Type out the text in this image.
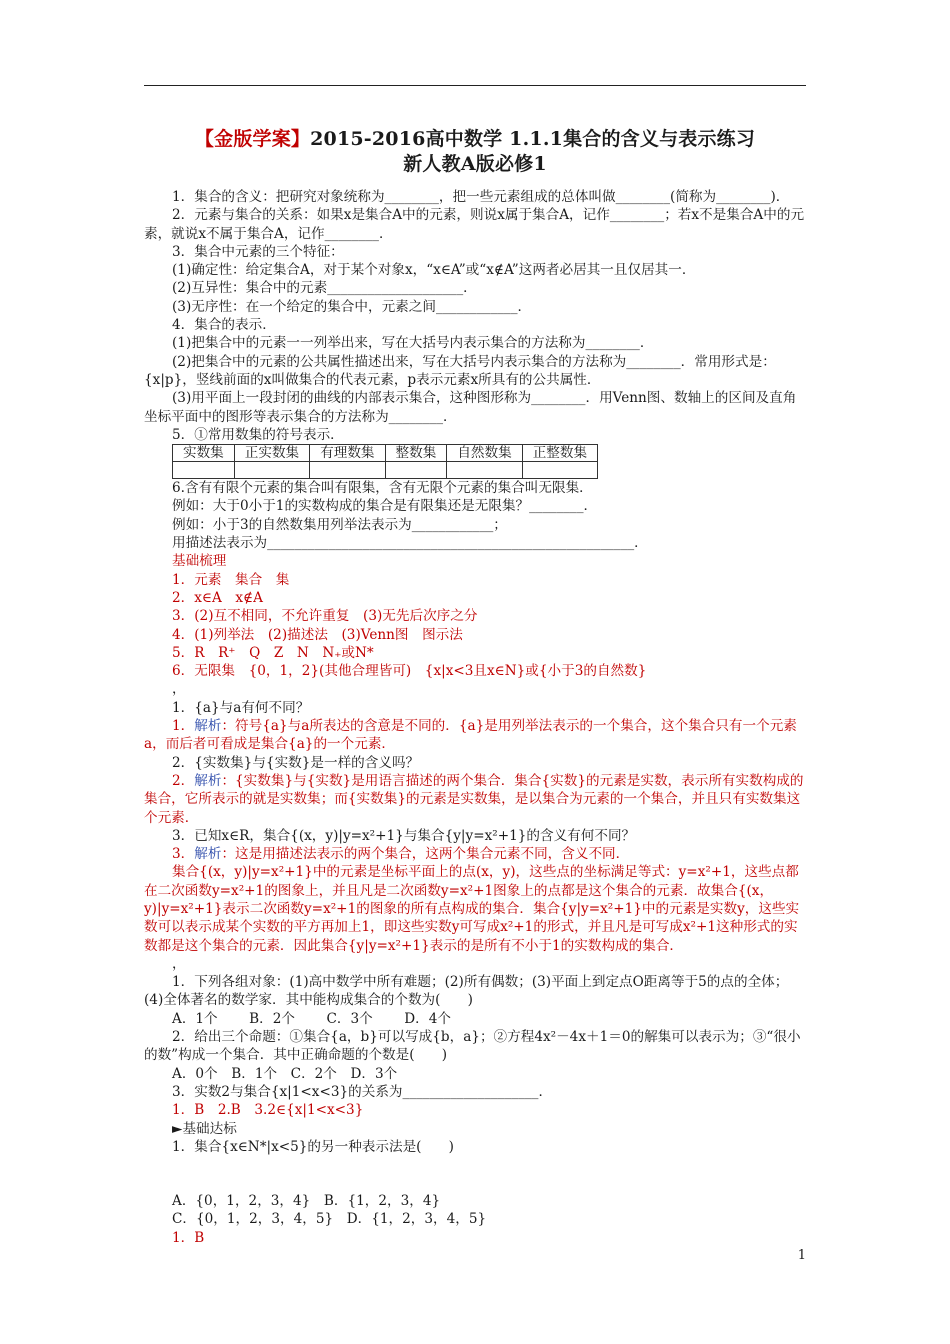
【金版学案】2015-2016高中数学 1.1.1集合的含义与表示练习
新人教A版必修1

1．集合的含义：把研究对象统称为________，把一些元素组成的总体叫做________(简称为________)．

2．元素与集合的关系：如果x是集合A中的元素，则说x属于集合A，记作________；若x不是集合A中的元素，就说x不属于集合A，记作________．

3．集合中元素的三个特征：

(1)确定性：给定集合A，对于某个对象x，“x∈A”或“x∉A”这两者必居其一且仅居其一．

(2)互异性：集合中的元素____________________．

(3)无序性：在一个给定的集合中，元素之间____________．

4．集合的表示．

(1)把集合中的元素一一列举出来，写在大括号内表示集合的方法称为________．

(2)把集合中的元素的公共属性描述出来，写在大括号内表示集合的方法称为________．常用形式是：{x|p}，竖线前面的x叫做集合的代表元素，p表示元素x所具有的公共属性．

(3)用平面上一段封闭的曲线的内部表示集合，这种图形称为________．用Venn图、数轴上的区间及直角坐标平面中的图形等表示集合的方法称为________．

5．①常用数集的符号表示．

实数集	正实数集	有理数集	整数集	自然数集	正整数集

6.含有有限个元素的集合叫有限集，含有无限个元素的集合叫无限集．

例如：大于0小于1的实数构成的集合是有限集还是无限集？________．

例如：小于3的自然数集用列举法表示为____________；

用描述法表示为______________________________________________________．

基础梳理

1．元素　集合　集

2．x∈A　x∉A

3．(2)互不相同，不允许重复　(3)无先后次序之分

4．(1)列举法　(2)描述法　(3)Venn图　图示法

5．R　R⁺　Q　Z　N　N₊或N*

6．无限集　{0，1，2}(其他合理皆可)　{x|x<3且x∈N}或{小于3的自然数}

，

1．{a}与a有何不同？

1．解析：符号{a}与a所表达的含意是不同的．{a}是用列举法表示的一个集合，这个集合只有一个元素a，而后者可看成是集合{a}的一个元素．

2．{实数集}与{实数}是一样的含义吗？

2．解析：{实数集}与{实数}是用语言描述的两个集合．集合{实数}的元素是实数，表示所有实数构成的集合，它所表示的就是实数集；而{实数集}的元素是实数集，是以集合为元素的一个集合，并且只有实数集这个元素．

3．已知x∈R，集合{(x，y)|y=x²+1}与集合{y|y=x²+1}的含义有何不同？

3．解析：这是用描述法表示的两个集合，这两个集合元素不同，含义不同．

集合{(x，y)|y=x²+1}中的元素是坐标平面上的点(x，y)，这些点的坐标满足等式：y=x²+1，这些点都在二次函数y=x²+1的图象上，并且凡是二次函数y=x²+1图象上的点都是这个集合的元素．故集合{(x，y)|y=x²+1}表示二次函数y=x²+1的图象的所有点构成的集合．集合{y|y=x²+1}中的元素是实数y，这些实数可以表示成某个实数的平方再加上1，即这些实数y可写成x²+1的形式，并且凡是可写成x²+1这种形式的实数都是这个集合的元素．因此集合{y|y=x²+1}表示的是所有不小于1的实数构成的集合．

，

1．下列各组对象：(1)高中数学中所有难题；(2)所有偶数；(3)平面上到定点O距离等于5的点的全体；(4)全体著名的数学家．其中能构成集合的个数为(　　)

A．1个　　 B．2个　　 C．3个　　 D．4个

2．给出三个命题：①集合{a，b}可以写成{b，a}；②方程4x²－4x＋1＝0的解集可以表示为；③“很小的数”构成一个集合．其中正确命题的个数是(　　)

A．0个　B．1个　C．2个　D．3个

3．实数2与集合{x|1<x<3}的关系为____________________．

1．B　2.B　3.2∈{x|1<x<3}

►基础达标

1．集合{x∈N*|x<5}的另一种表示法是(　　)

A．{0，1，2，3，4}　B．{1，2，3，4}

C．{0，1，2，3，4，5}　D．{1，2，3，4，5}

1．B

1
